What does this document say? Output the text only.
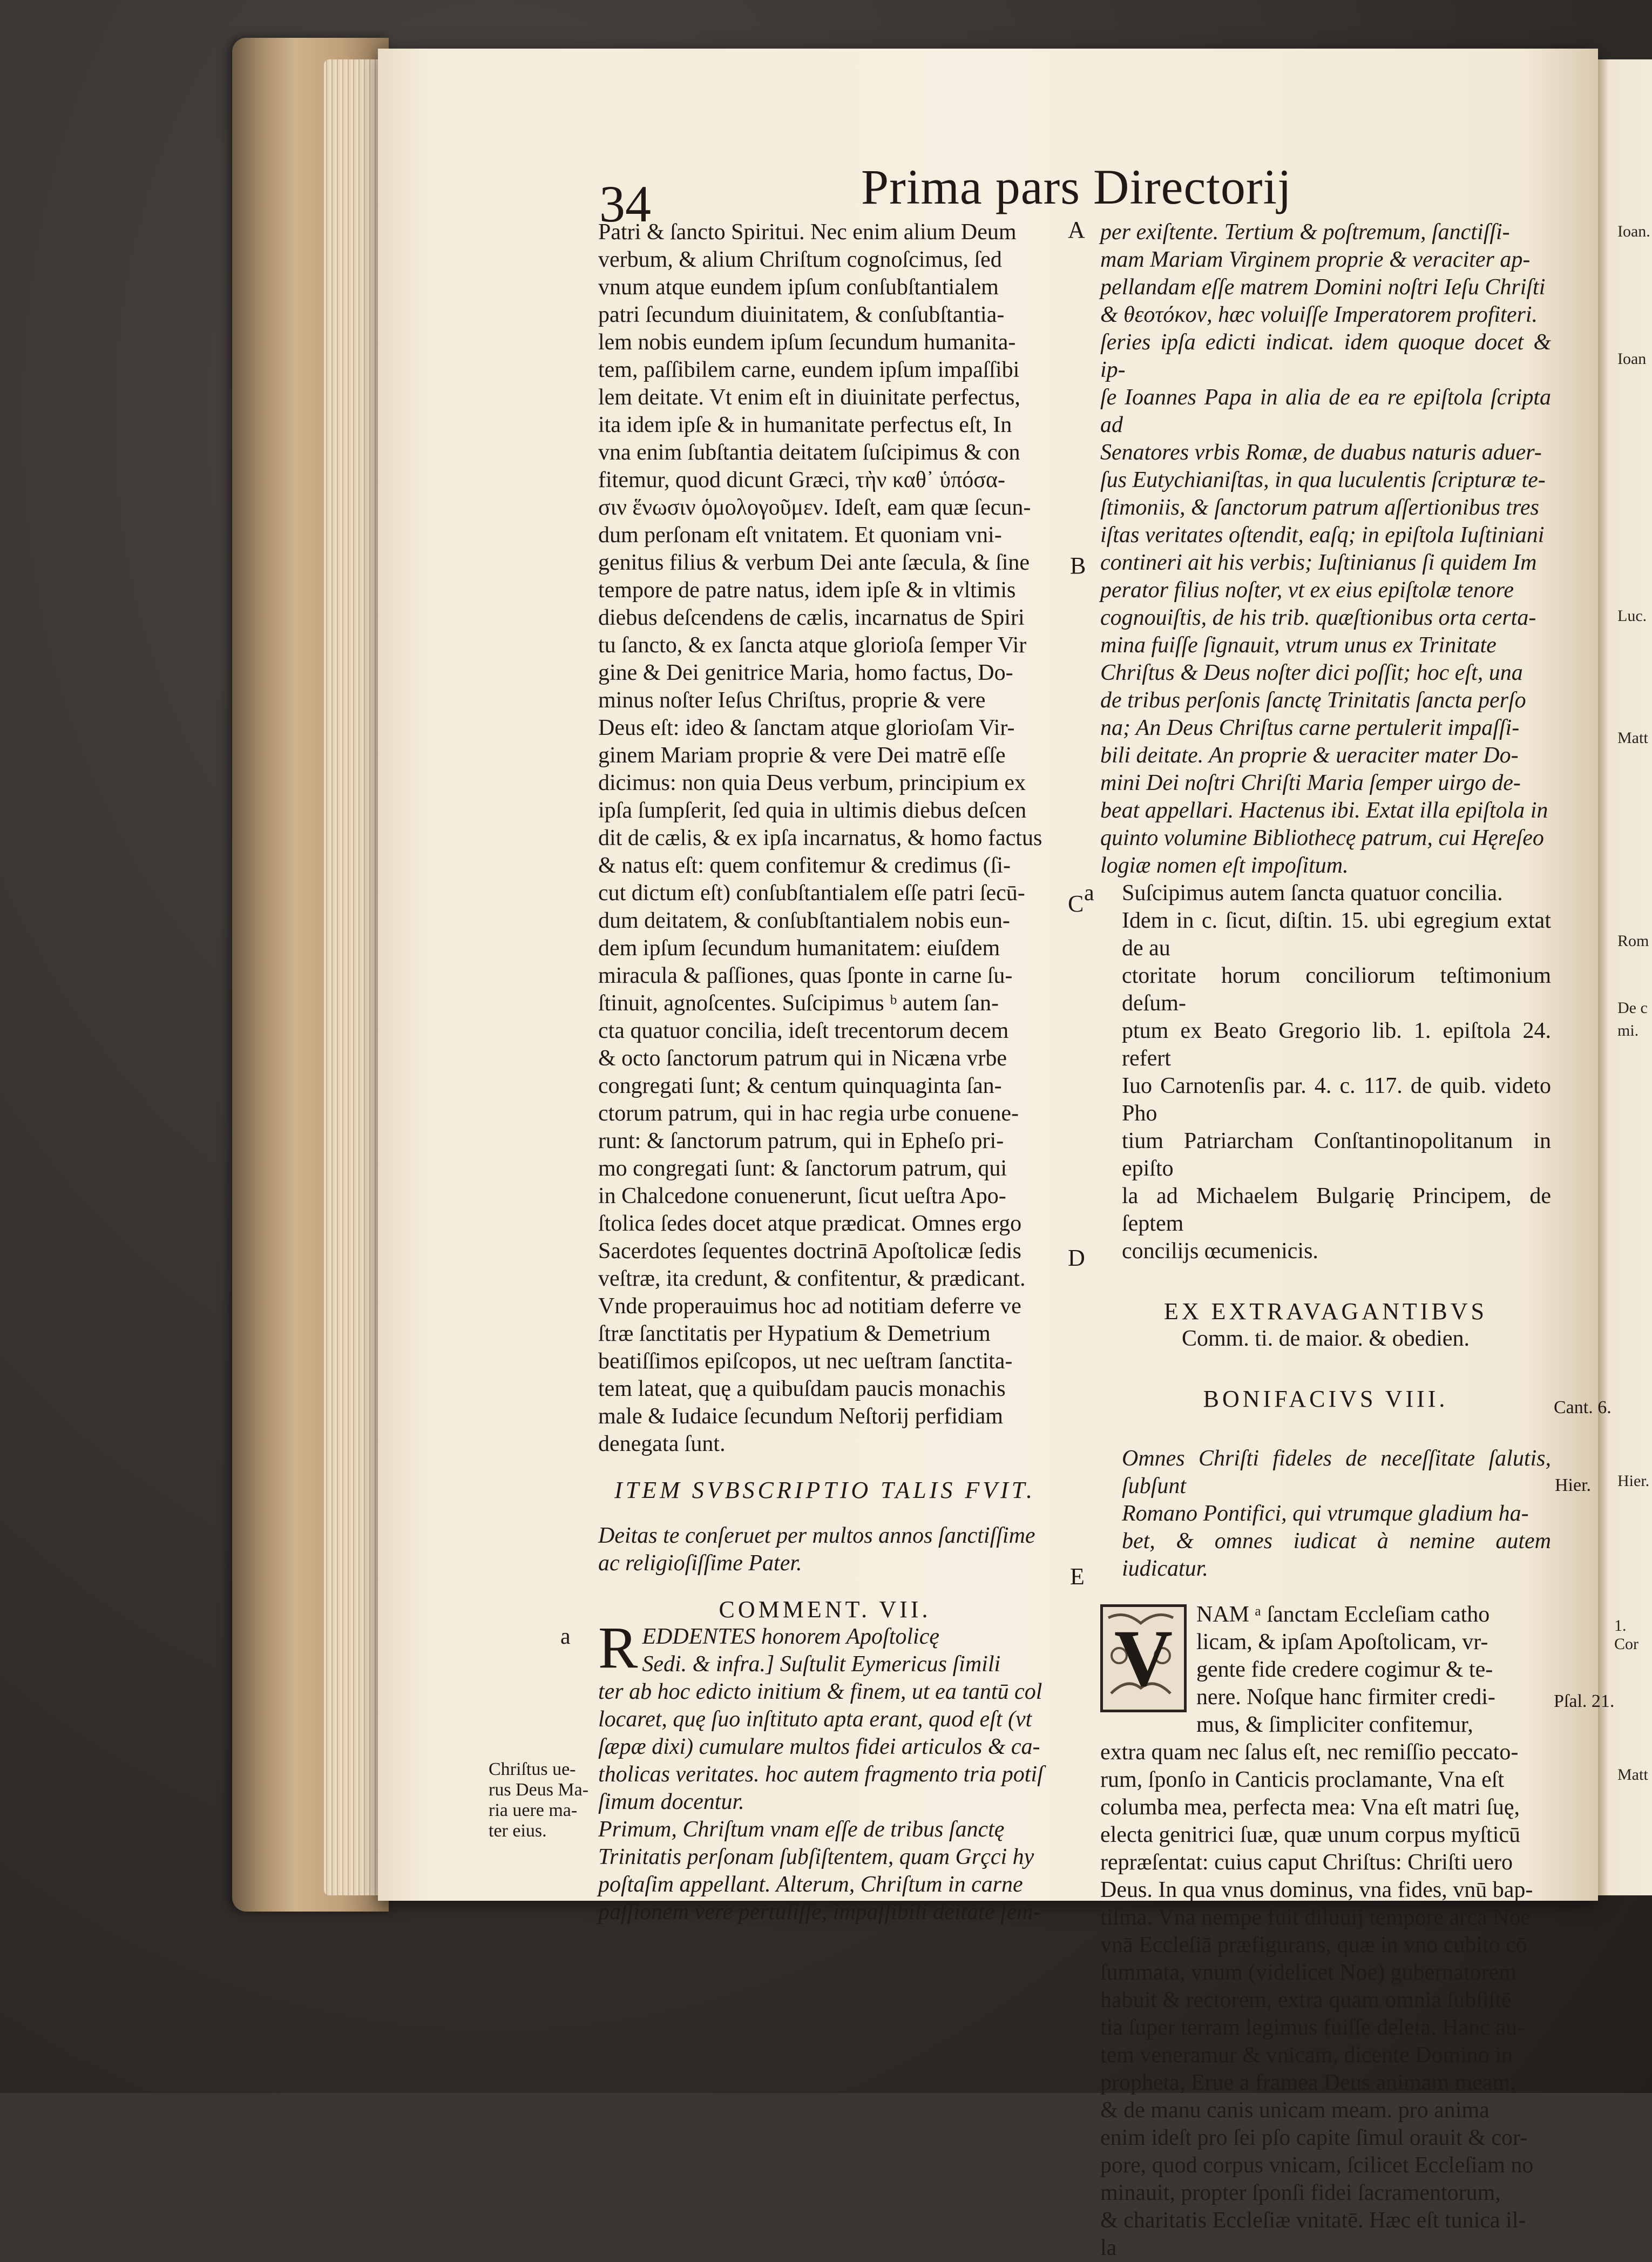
34	Prima pars Directorij
A
B
C
D
E
Chriſtus ue-
rus Deus Ma-
ria uere ma-
ter eius.
Cant. 6.
Hier.
Pſal. 21.
Ioan.
Ioan
Luc.
Matt
Rom
De c
mi.
Hier.
1. Cor
Matt
Patri & ſancto Spiritui. Nec enim alium Deum
verbum, & alium Chriſtum cognoſcimus, ſed
vnum atque eundem ipſum conſubſtantialem
patri ſecundum diuinitatem, & conſubſtantia-
lem nobis eundem ipſum ſecundum humanita-
tem, paſſibilem carne, eundem ipſum impaſſibi
lem deitate. Vt enim eſt in diuinitate perfectus,
ita idem ipſe & in humanitate perfectus eſt, In
vna enim ſubſtantia deitatem ſuſcipimus & con
fitemur, quod dicunt Græci, τὴν καθ᾽ ὑπόσα-
σιν ἕνωσιν ὁμολογοῦμεν. Ideſt, eam quæ ſecun-
dum perſonam eſt vnitatem. Et quoniam vni-
genitus filius & verbum Dei ante ſæcula, & ſine
tempore de patre natus, idem ipſe & in vltimis
diebus deſcendens de cælis, incarnatus de Spiri
tu ſancto, & ex ſancta atque glorioſa ſemper Vir
gine & Dei genitrice Maria, homo factus, Do-
minus noſter Ieſus Chriſtus, proprie & vere
Deus eſt: ideo & ſanctam atque glorioſam Vir-
ginem Mariam proprie & vere Dei matrē eſſe
dicimus: non quia Deus verbum, principium ex
ipſa ſumpſerit, ſed quia in ultimis diebus deſcen
dit de cælis, & ex ipſa incarnatus, & homo factus
& natus eſt: quem confitemur & credimus (ſi-
cut dictum eſt) conſubſtantialem eſſe patri ſecū-
dum deitatem, & conſubſtantialem nobis eun-
dem ipſum ſecundum humanitatem: eiuſdem
miracula & paſſiones, quas ſponte in carne ſu-
ſtinuit, agnoſcentes. Suſcipimus ᵇ autem ſan-
cta quatuor concilia, ideſt trecentorum decem
& octo ſanctorum patrum qui in Nicæna vrbe
congregati ſunt; & centum quinquaginta ſan-
ctorum patrum, qui in hac regia urbe conuene-
runt: & ſanctorum patrum, qui in Epheſo pri-
mo congregati ſunt: & ſanctorum patrum, qui
in Chalcedone conuenerunt, ſicut ueſtra Apo-
ſtolica ſedes docet atque prædicat. Omnes ergo
Sacerdotes ſequentes doctrinā Apoſtolicæ ſedis
veſtræ, ita credunt, & confitentur, & prædicant.
Vnde properauimus hoc ad notitiam deferre ve
ſtræ ſanctitatis per Hypatium & Demetrium
beatiſſimos epiſcopos, ut nec ueſtram ſanctita-
tem lateat, quę a quibuſdam paucis monachis
male & Iudaice ſecundum Neſtorij perfidiam
denegata ſunt.

ITEM SVBSCRIPTIO TALIS FVIT.

Deitas te conſeruet per multos annos ſanctiſſime
ac religioſiſſime Pater.

COMMENT. VII.

a R EDDENTES honorem Apoſtolicę
Sedi. & infra.] Suſtulit Eymericus ſimili
ter ab hoc edicto initium & finem, ut ea tantū col
locaret, quę ſuo inſtituto apta erant, quod eſt (vt
ſæpæ dixi) cumulare multos fidei articulos & ca-
tholicas veritates. hoc autem fragmento tria potiſ
ſimum docentur.
Primum, Chriſtum vnam eſſe de tribus ſanctę
Trinitatis perſonam ſubſiſtentem, quam Grçci hy
poſtaſim appellant. Alterum, Chriſtum in carne
paſſionem vere pertuliſſe, impaſſibili deitate ſem-
per exiſtente. Tertium & poſtremum, ſanctiſſi-
mam Mariam Virginem proprie & veraciter ap-
pellandam eſſe matrem Domini noſtri Ieſu Chriſti
& θεοτόκον, hæc voluiſſe Imperatorem profiteri.
ſeries ipſa edicti indicat. idem quoque docet & ip-
ſe Ioannes Papa in alia de ea re epiſtola ſcripta ad
Senatores vrbis Romæ, de duabus naturis aduer-
ſus Eutychianiſtas, in qua luculentis ſcripturæ te-
ſtimoniis, & ſanctorum patrum aſſertionibus tres
iſtas veritates oſtendit, eaſq; in epiſtola Iuſtiniani
contineri ait his verbis; Iuſtinianus ſi quidem Im
perator filius noſter, vt ex eius epiſtolæ tenore
cognouiſtis, de his trib. quæſtionibus orta certa-
mina fuiſſe ſignauit, vtrum unus ex Trinitate
Chriſtus & Deus noſter dici poſſit; hoc eſt, una
de tribus perſonis ſanctę Trinitatis ſancta perſo
na; An Deus Chriſtus carne pertulerit impaſſi-
bili deitate. An proprie & ueraciter mater Do-
mini Dei noſtri Chriſti Maria ſemper uirgo de-
beat appellari. Hactenus ibi. Extat illa epiſtola in
quinto volumine Bibliothecę patrum, cui Hęreſeo
logiæ nomen eſt impoſitum.
a Suſcipimus autem ſancta quatuor concilia.
Idem in c. ſicut, diſtin. 15. ubi egregium extat de au
ctoritate horum conciliorum teſtimonium deſum-
ptum ex Beato Gregorio lib. 1. epiſtola 24. refert
Iuo Carnotenſis par. 4. c. 117. de quib. videto Pho
tium Patriarcham Conſtantinopolitanum in epiſto
la ad Michaelem Bulgarię Principem, de ſeptem
concilijs œcumenicis.

EX EXTRAVAGANTIBVS

Comm. ti. de maior. & obedien.

BONIFACIVS VIII.

Omnes Chriſti fideles de neceſſitate ſalutis, ſubſunt
Romano Pontifici, qui vtrumque gladium ha-
bet, & omnes iudicat à nemine autem iudicatur.
V	NAM ᵃ ſanctam Eccleſiam catho
licam, & ipſam Apoſtolicam, vr-
gente fide credere cogimur & te-
nere. Noſque hanc firmiter credi-
mus, & ſimpliciter confitemur,
extra quam nec ſalus eſt, nec remiſſio peccato-
rum, ſponſo in Canticis proclamante, Vna eſt
columba mea, perfecta mea: Vna eſt matri ſuę,
electa genitrici ſuæ, quæ unum corpus myſticū
repræſentat: cuius caput Chriſtus: Chriſti uero
Deus. In qua vnus dominus, vna fides, vnū bap-
tiſma. Vna nempe fuit diluuij tempore arca Noe
vnā Eccleſiā præfigurans, quæ in vno cubito cō
ſummata, vnum (videlicet Noe) gubernatorem
habuit & rectorem, extra quam omnia ſubſiſtē
tia ſuper terram legimus fuiſſe deleta. Hanc au-
tem veneramur & vnicam, dicente Domino in
propheta, Erue a framea Deus animam meam,
& de manu canis unicam meam. pro anima
enim ideſt pro ſei pſo capite ſimul orauit & cor-
pore, quod corpus vnicam, ſcilicet Eccleſiam no
minauit, propter ſponſi fidei ſacramentorum,
& charitatis Eccleſiæ vnitatē. Hæc eſt tunica il-
la
